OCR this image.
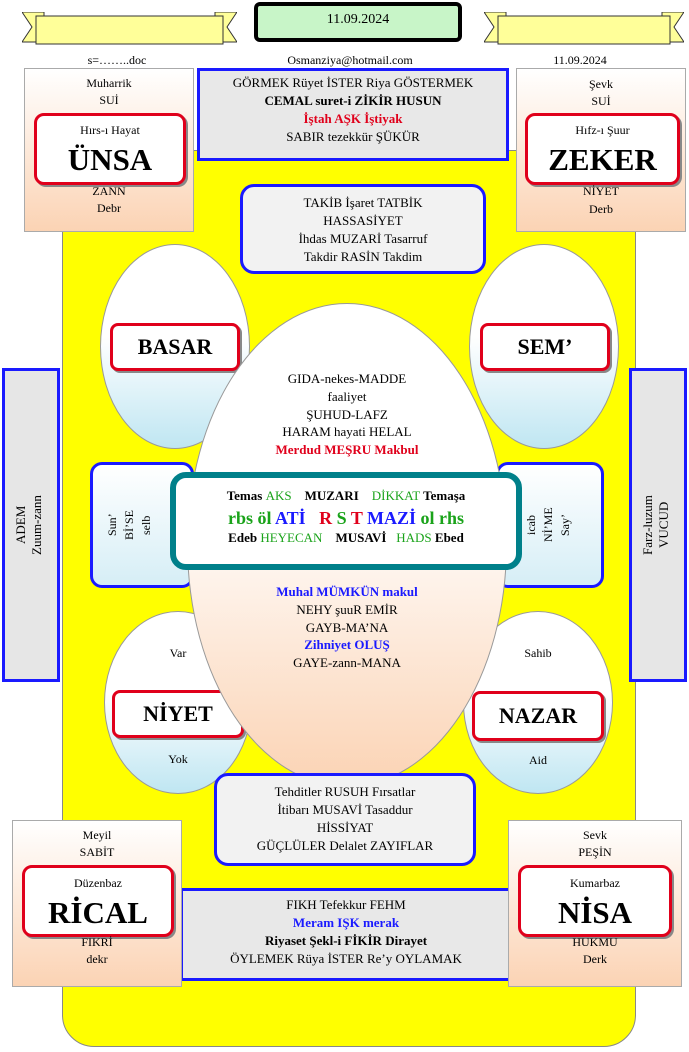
11.09.2024
s=……..doc	Osmanziya@hotmail.com	11.09.2024
GÖRMEK Rüyet İSTER Riya GÖSTERMEK
CEMAL suret-i ZİKİR HUSUN
İştah AŞK İştiyak
SABIR tezekkür ŞÜKÜR
Muharrik
SUİ
Hırs-ı Hayat
ÜNSA
ZANN
Debr
Şevk
SUİ
Hıfz-ı Şuur
ZEKER
NİYET
Derb
TAKİB İşaret TATBİK
HASSASİYET
İhdas MUZARİ Tasarruf
Takdir RASİN Takdim
BASAR	SEM’
Var
NİYET
Yok
Sahib
NAZAR
Aid
ADEM
Zuum-zann	Farz-luzum
VUCUD
Sun’ Bİ’SE selb	icab Nİ’ME Say’
GIDA-nekes-MADDE
faaliyet
ŞUHUD-LAFZ
HARAM hayati HELAL
Merdud MEŞRU Makbul
Temas AKS    MUZARI    DİKKAT Temaşa
rbs öl ATİ R S T MAZİ ol rhs
Edeb HEYECAN    MUSAVİ   HADS Ebed
Muhal MÜMKÜN makul
NEHY şuuR EMİR
GAYB-MA’NA
Zihniyet OLUŞ
GAYE-zann-MANA
Tehditler RUSUH Fırsatlar
İtibarı MUSAVİ Tasaddur
HİSSİYAT
GÜÇLÜLER Delalet ZAYIFLAR
FIKH Tefekkur FEHM
Meram IŞK merak
Riyaset Şekl-i FİKİR Dirayet
ÖYLEMEK Rüya İSTER Re’y OYLAMAK
Meyil
SABİT
Düzenbaz
RİCAL
FIKRİ
dekr
Sevk
PEŞİN
Kumarbaz
NİSA
HUKMU
Derk
